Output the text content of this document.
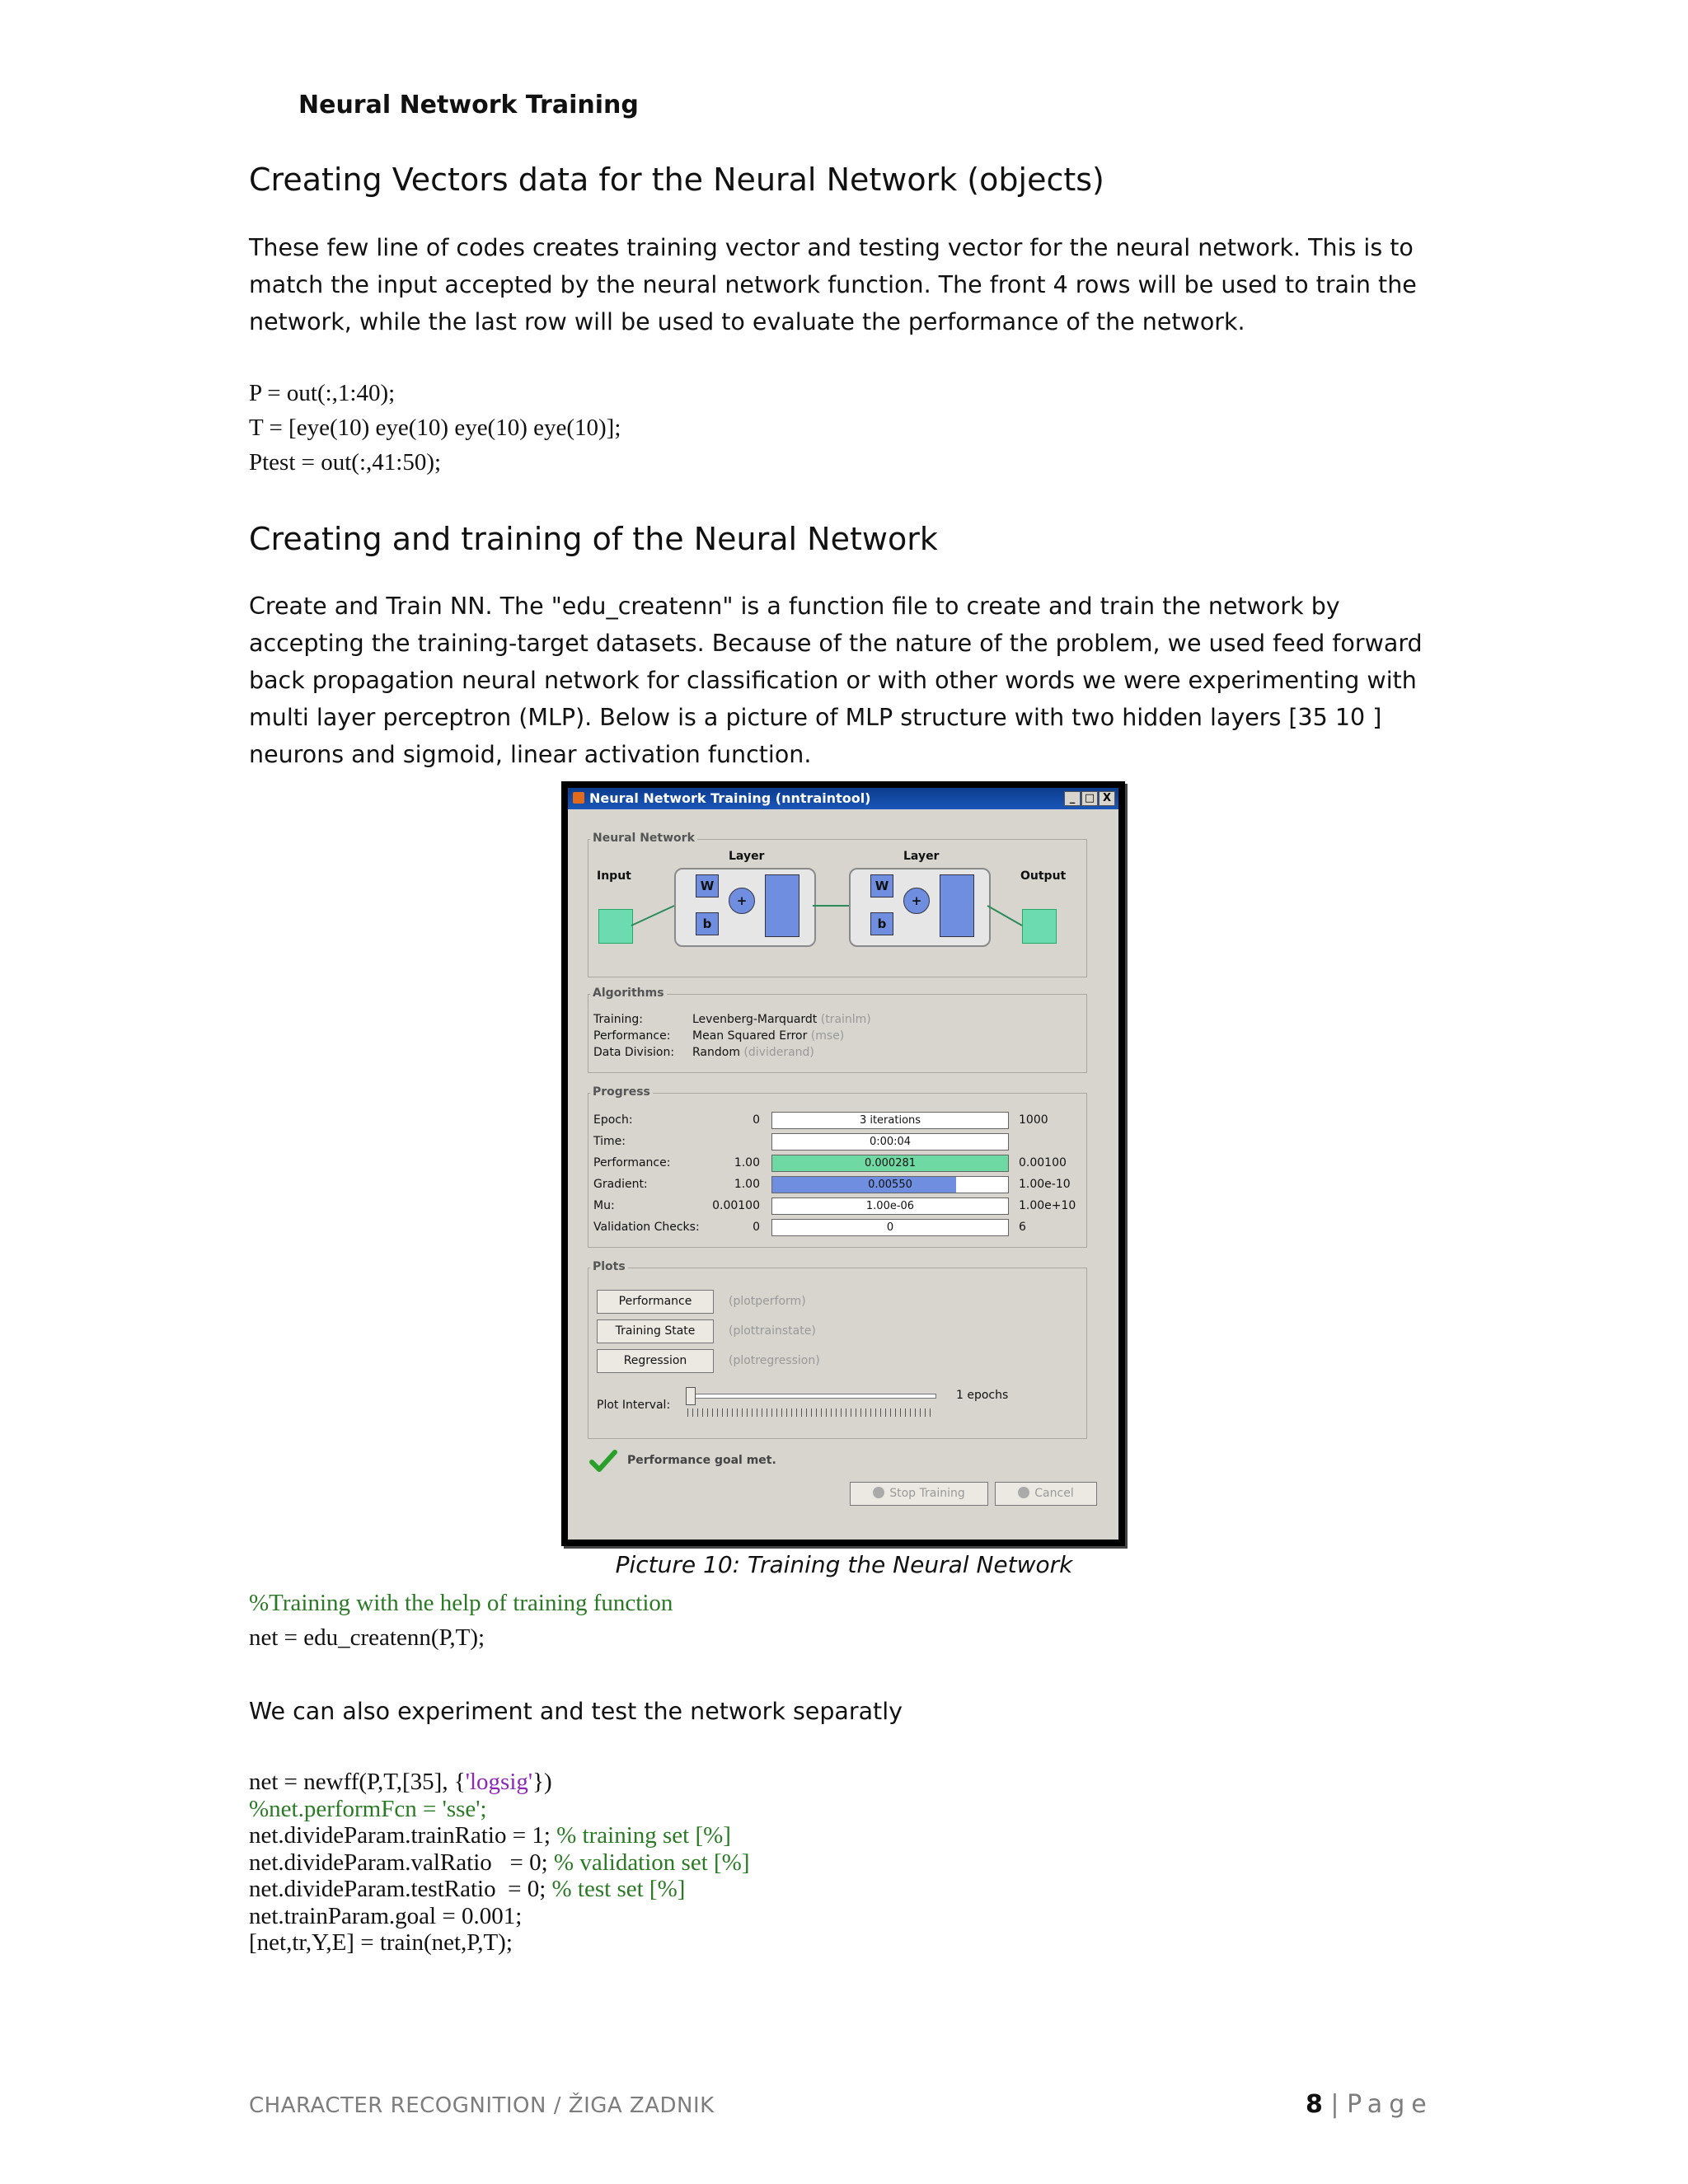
Neural Network Training
Creating Vectors data for the Neural Network (objects)
These few line of codes creates training vector and testing vector for the neural network. This is to match the input accepted by the neural network function. The front 4 rows will be used to train the network, while the last row will be used to evaluate the performance of the network.
P = out(:,1:40);
T = [eye(10) eye(10) eye(10) eye(10)];
Ptest = out(:,41:50);
Creating and training of the Neural Network
Create and Train NN. The "edu_createnn" is a function file to create and train the network by accepting the training-target datasets. Because of the nature of the problem, we used feed forward back propagation neural network for classification or with other words we were experimenting with multi layer perceptron (MLP). Below is a picture of MLP structure with two hidden layers [35 10 ] neurons and sigmoid, linear activation function.
Neural Network Training (nntraintool)	_ □ X
Neural Network
Input
Layer
W
b
+
Layer
W
b
+
Output
Algorithms
Training:	Levenberg-Marquardt (trainlm)
Performance: Mean Squared Error (mse)
Data Division: Random (dividerand)
Progress
Epoch:	0	3 iterations	1000
Time:	0:00:04
Performance:	1.00	0.000281	0.00100
Gradient:	1.00	0.00550	1.00e-10
Mu:	0.00100	1.00e-06	1.00e+10
Validation Checks:	0	0	6
Plots
Performance	(plotperform)
Training State	(plottrainstate)
Regression	(plotregression)
Plot Interval:
1 epochs
Performance goal met.
Stop Training	Cancel
Picture 10: Training the Neural Network
%Training with the help of training function
net = edu_createnn(P,T);
We can also experiment and test the network separatly
net = newff(P,T,[35], {'logsig'})
%net.performFcn = 'sse';
net.divideParam.trainRatio = 1; % training set [%]
net.divideParam.valRatio   = 0; % validation set [%]
net.divideParam.testRatio  = 0; % test set [%]
net.trainParam.goal = 0.001;
[net,tr,Y,E] = train(net,P,T);
CHARACTER RECOGNITION / ŽIGA ZADNIK	8 | Page
